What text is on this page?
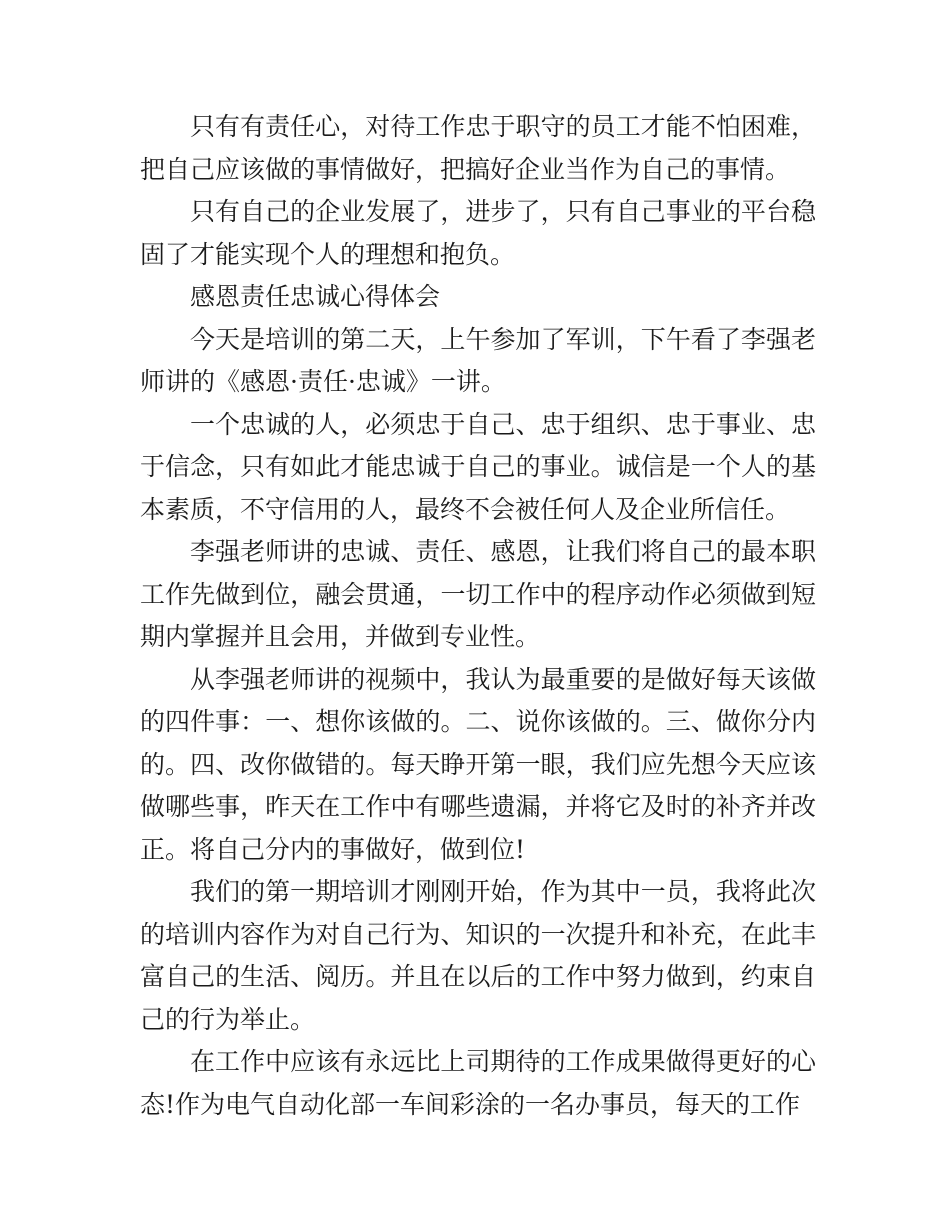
只有有责任心，对待工作忠于职守的员工才能不怕困难，把自己应该做的事情做好，把搞好企业当作为自己的事情。

只有自己的企业发展了，进步了，只有自己事业的平台稳固了才能实现个人的理想和抱负。

感恩责任忠诚心得体会

今天是培训的第二天，上午参加了军训，下午看了李强老师讲的《感恩·责任·忠诚》一讲。

一个忠诚的人，必须忠于自己、忠于组织、忠于事业、忠于信念，只有如此才能忠诚于自己的事业。诚信是一个人的基本素质，不守信用的人，最终不会被任何人及企业所信任。

李强老师讲的忠诚、责任、感恩，让我们将自己的最本职工作先做到位，融会贯通，一切工作中的程序动作必须做到短期内掌握并且会用，并做到专业性。

从李强老师讲的视频中，我认为最重要的是做好每天该做的四件事：一、想你该做的。二、说你该做的。三、做你分内的。四、改你做错的。每天睁开第一眼，我们应先想今天应该做哪些事，昨天在工作中有哪些遗漏，并将它及时的补齐并改正。将自己分内的事做好，做到位!

我们的第一期培训才刚刚开始，作为其中一员，我将此次的培训内容作为对自己行为、知识的一次提升和补充，在此丰富自己的生活、阅历。并且在以后的工作中努力做到，约束自己的行为举止。

在工作中应该有永远比上司期待的工作成果做得更好的心态!作为电气自动化部一车间彩涂的一名办事员，每天的工作
